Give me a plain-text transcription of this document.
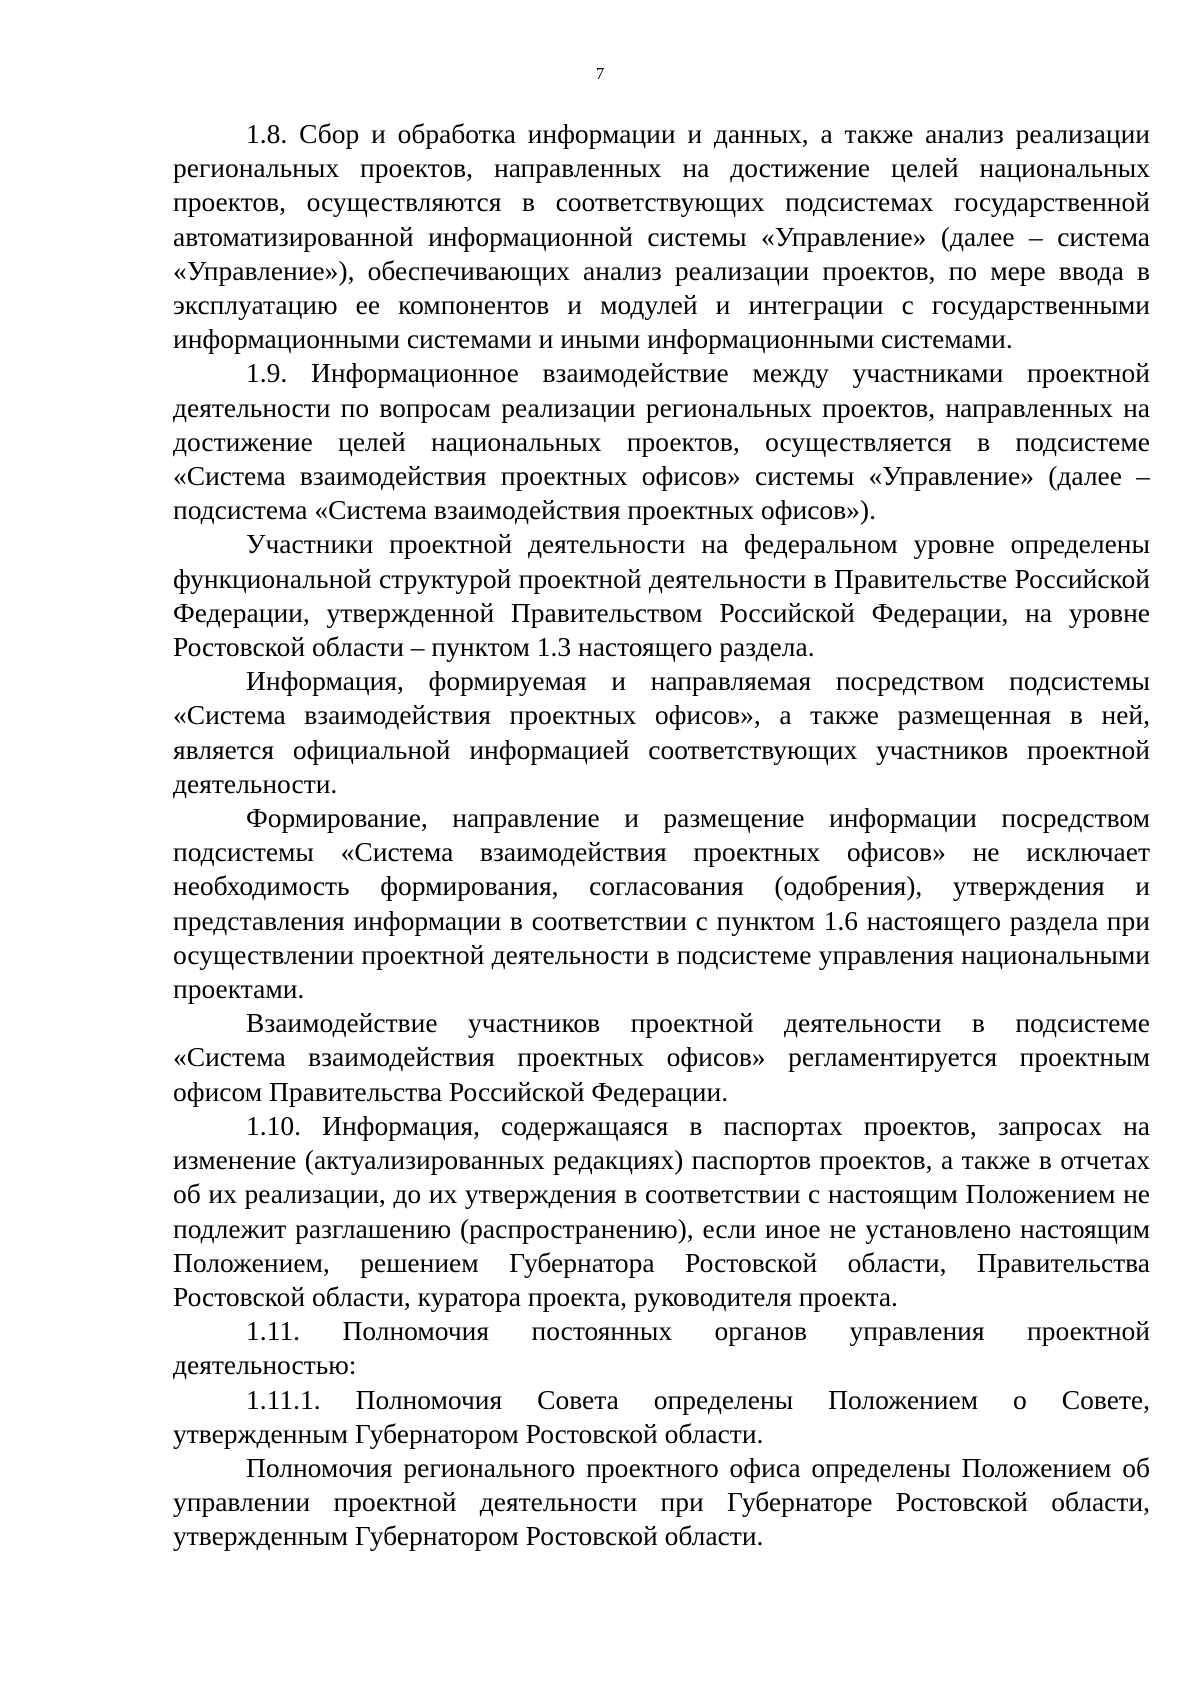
7

1.8. Сбор и обработка информации и данных, а также анализ реализации региональных проектов, направленных на достижение целей национальных проектов, осуществляются в соответствующих подсистемах государственной автоматизированной информационной системы «Управление» (далее – система «Управление»), обеспечивающих анализ реализации проектов, по мере ввода в эксплуатацию ее компонентов и модулей и интеграции с государственными информационными системами и иными информационными системами.

1.9. Информационное взаимодействие между участниками проектной деятельности по вопросам реализации региональных проектов, направленных на достижение целей национальных проектов, осуществляется в подсистеме «Система взаимодействия проектных офисов» системы «Управление» (далее – подсистема «Система взаимодействия проектных офисов»).

Участники проектной деятельности на федеральном уровне определены функциональной структурой проектной деятельности в Правительстве Российской Федерации, утвержденной Правительством Российской Федерации, на уровне Ростовской области – пунктом 1.3 настоящего раздела.

Информация, формируемая и направляемая посредством подсистемы «Система взаимодействия проектных офисов», а также размещенная в ней, является официальной информацией соответствующих участников проектной деятельности.

Формирование, направление и размещение информации посредством подсистемы «Система взаимодействия проектных офисов» не исключает необходимость формирования, согласования (одобрения), утверждения и представления информации в соответствии с пунктом 1.6 настоящего раздела при осуществлении проектной деятельности в подсистеме управления национальными проектами.

Взаимодействие участников проектной деятельности в подсистеме «Система взаимодействия проектных офисов» регламентируется проектным офисом Правительства Российской Федерации.

1.10. Информация, содержащаяся в паспортах проектов, запросах на изменение (актуализированных редакциях) паспортов проектов, а также в отчетах об их реализации, до их утверждения в соответствии с настоящим Положением не подлежит разглашению (распространению), если иное не установлено настоящим Положением, решением Губернатора Ростовской области, Правительства Ростовской области, куратора проекта, руководителя проекта.

1.11. Полномочия постоянных органов управления проектной деятельностью:

1.11.1. Полномочия Совета определены Положением о Совете, утвержденным Губернатором Ростовской области.

Полномочия регионального проектного офиса определены Положением об управлении проектной деятельности при Губернаторе Ростовской области, утвержденным Губернатором Ростовской области.
